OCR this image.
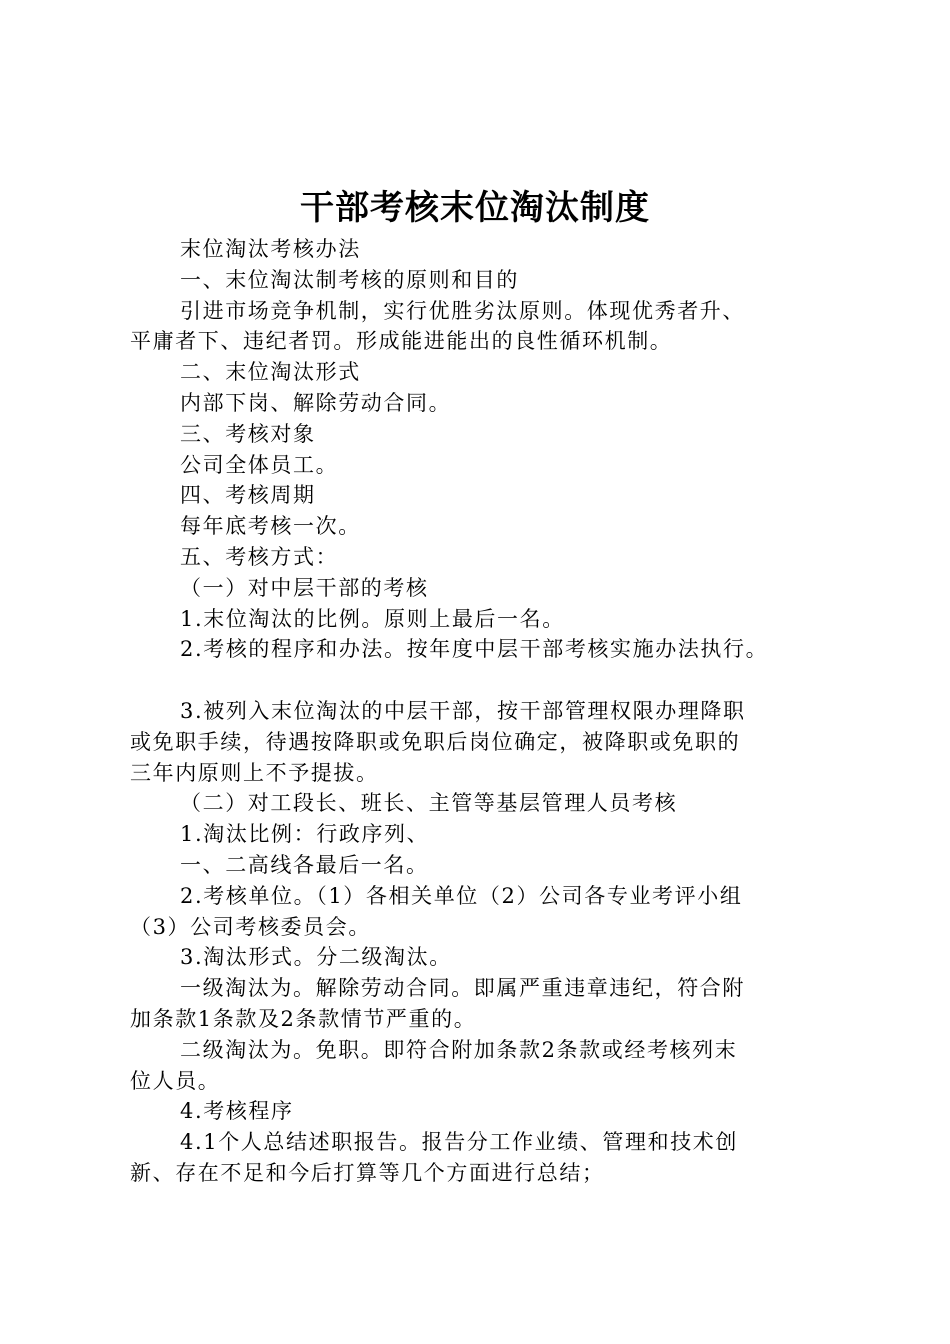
干部考核末位淘汰制度
末位淘汰考核办法
一、末位淘汰制考核的原则和目的
引进市场竞争机制，实行优胜劣汰原则。体现优秀者升、
平庸者下、违纪者罚。形成能进能出的良性循环机制。
二、末位淘汰形式
内部下岗、解除劳动合同。
三、考核对象
公司全体员工。
四、考核周期
每年底考核一次。
五、考核方式：
（一）对中层干部的考核
1.末位淘汰的比例。原则上最后一名。
2.考核的程序和办法。按年度中层干部考核实施办法执行。
3.被列入末位淘汰的中层干部，按干部管理权限办理降职
或免职手续，待遇按降职或免职后岗位确定，被降职或免职的
三年内原则上不予提拔。
（二）对工段长、班长、主管等基层管理人员考核
1.淘汰比例：行政序列、
一、二高线各最后一名。
2.考核单位。（1）各相关单位（2）公司各专业考评小组
（3）公司考核委员会。
3.淘汰形式。分二级淘汰。
一级淘汰为。解除劳动合同。即属严重违章违纪，符合附
加条款1条款及2条款情节严重的。
二级淘汰为。免职。即符合附加条款2条款或经考核列末
位人员。
4.考核程序
4.1个人总结述职报告。报告分工作业绩、管理和技术创
新、存在不足和今后打算等几个方面进行总结；
